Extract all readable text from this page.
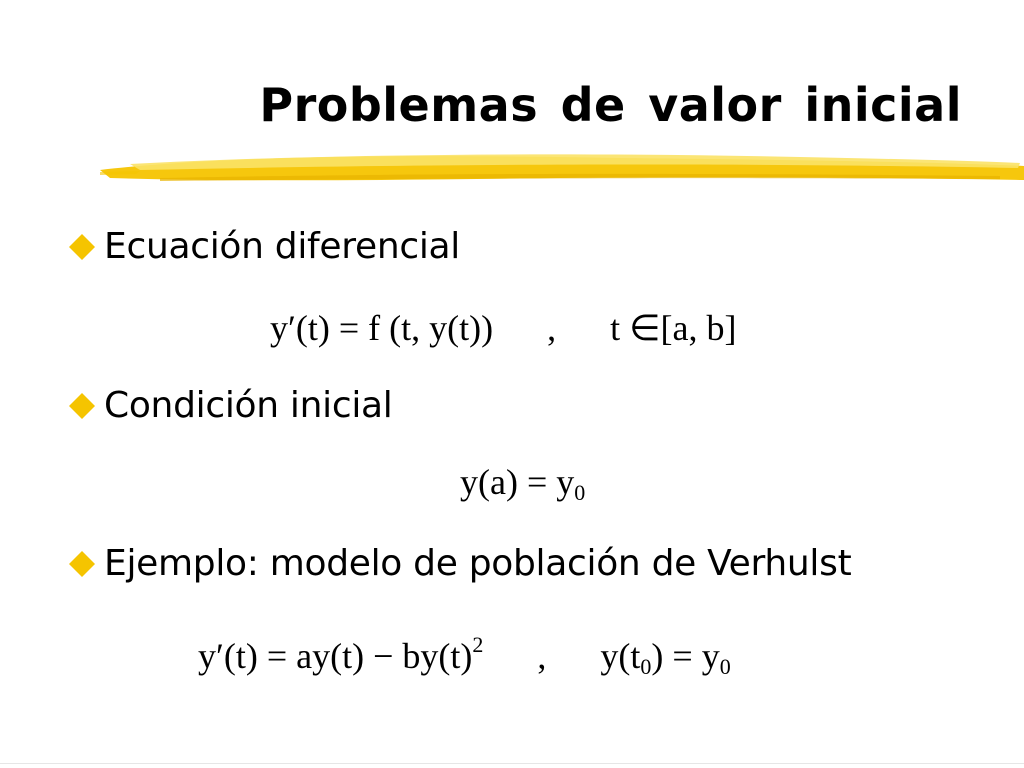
Problemas de valor inicial
Ecuación diferencial
y′(t) = f (t, y(t)) , t ∈[a, b]
Condición inicial
$y(a) = y_0$
Ejemplo: modelo de población de Verhulst
$y'(t) = ay(t) - by(t)^2$ , $y(t_0) = y_0$
